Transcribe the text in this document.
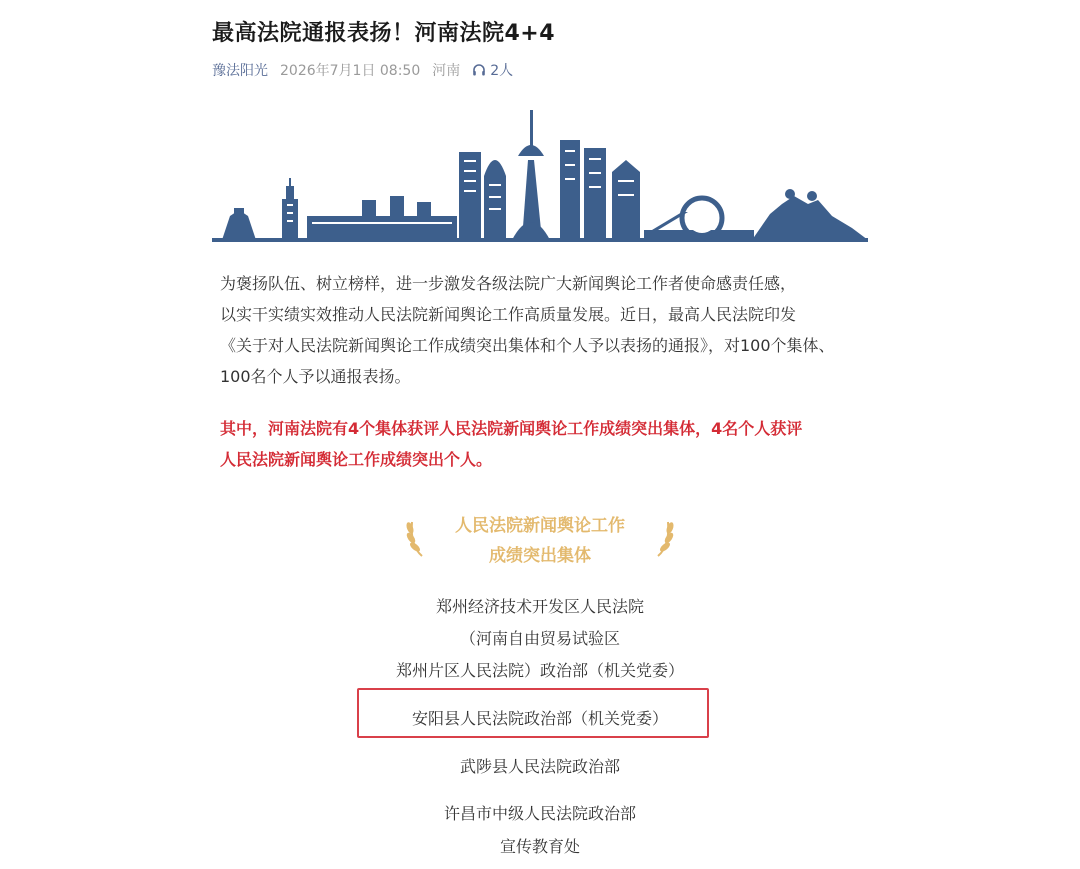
最高法院通报表扬！河南法院4+4
豫法阳光 2026年7月1日 08:50 河南 2人
为褒扬队伍、树立榜样，进一步激发各级法院广大新闻舆论工作者使命感责任感，
以实干实绩实效推动人民法院新闻舆论工作高质量发展。近日，最高人民法院印发
《关于对人民法院新闻舆论工作成绩突出集体和个人予以表扬的通报》，对100个集体、
100名个人予以通报表扬。
其中，河南法院有4个集体获评人民法院新闻舆论工作成绩突出集体，4名个人获评
人民法院新闻舆论工作成绩突出个人。
人民法院新闻舆论工作
成绩突出集体
郑州经济技术开发区人民法院
（河南自由贸易试验区
郑州片区人民法院）政治部（机关党委）
安阳县人民法院政治部（机关党委）
武陟县人民法院政治部
许昌市中级人民法院政治部
宣传教育处
